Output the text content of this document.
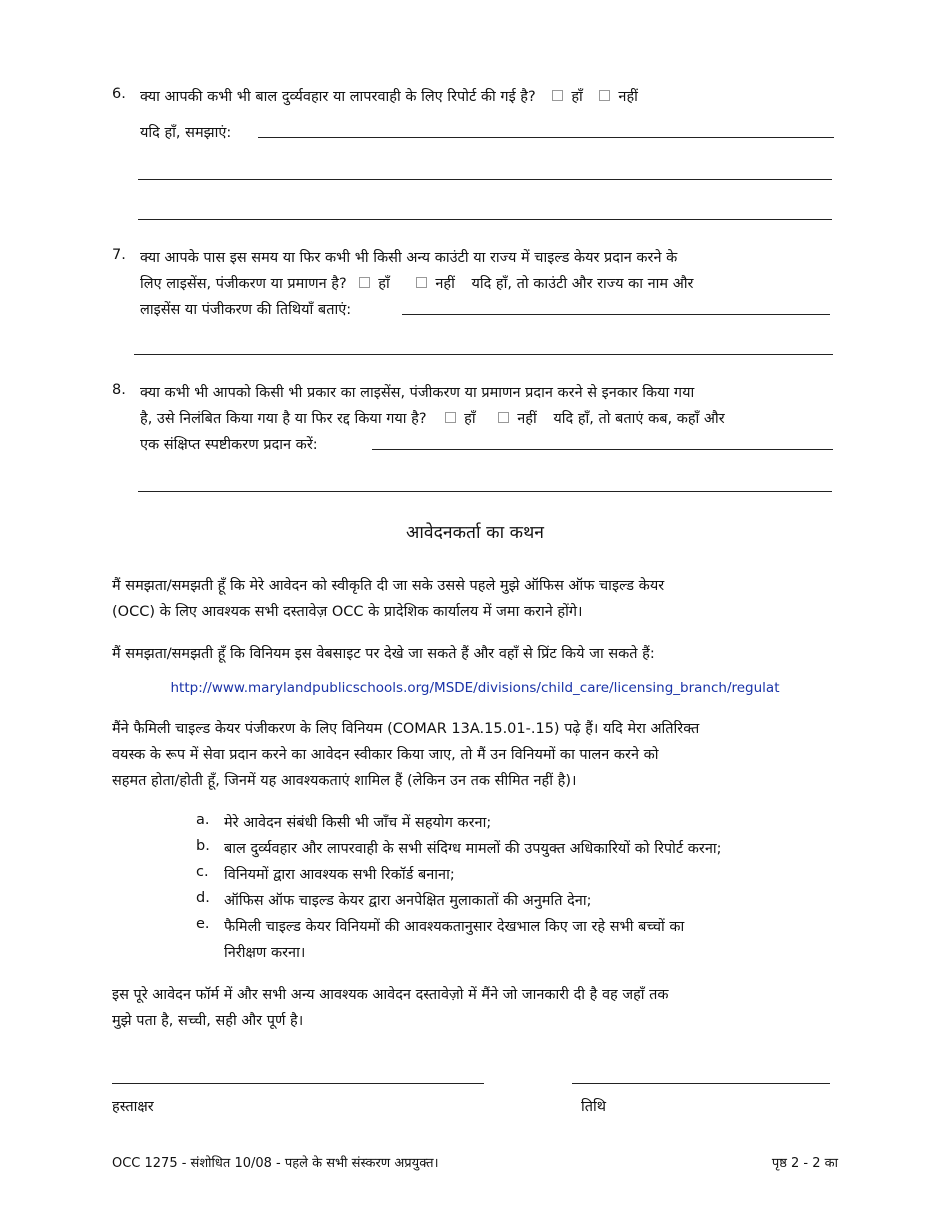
6. क्या आपकी कभी भी बाल दुर्व्यवहार या लापरवाही के लिए रिपोर्ट की गई है? हाँ नहीं
यदि हाँ, समझाएं:
7. क्या आपके पास इस समय या फिर कभी भी किसी अन्य काउंटी या राज्य में चाइल्ड केयर प्रदान करने के
लिए लाइसेंस, पंजीकरण या प्रमाणन है? हाँ	नहीं यदि हाँ, तो काउंटी और राज्य का नाम और
लाइसेंस या पंजीकरण की तिथियाँ बताएं:
8. क्या कभी भी आपको किसी भी प्रकार का लाइसेंस, पंजीकरण या प्रमाणन प्रदान करने से इनकार किया गया
है, उसे निलंबित किया गया है या फिर रद्द किया गया है?	हाँ	नहीं यदि हाँ, तो बताएं कब, कहाँ और
एक संक्षिप्त स्पष्टीकरण प्रदान करें:
आवेदनकर्ता का कथन
मैं समझता/समझती हूँ कि मेरे आवेदन को स्वीकृति दी जा सके उससे पहले मुझे ऑफिस ऑफ चाइल्ड केयर
(OCC) के लिए आवश्यक सभी दस्तावेज़ OCC के प्रादेशिक कार्यालय में जमा कराने होंगे।
मैं समझता/समझती हूँ कि विनियम इस वेबसाइट पर देखे जा सकते हैं और वहाँ से प्रिंट किये जा सकते हैं:
http://www.marylandpublicschools.org/MSDE/divisions/child_care/licensing_branch/regulat
मैंने फैमिली चाइल्ड केयर पंजीकरण के लिए विनियम (COMAR 13A.15.01-.15) पढ़े हैं। यदि मेरा अतिरिक्त
वयस्क के रूप में सेवा प्रदान करने का आवेदन स्वीकार किया जाए, तो मैं उन विनियमों का पालन करने को
सहमत होता/होती हूँ, जिनमें यह आवश्यकताएं शामिल हैं (लेकिन उन तक सीमित नहीं है)।
a. मेरे आवेदन संबंधी किसी भी जाँच में सहयोग करना;
b. बाल दुर्व्यवहार और लापरवाही के सभी संदिग्ध मामलों की उपयुक्त अधिकारियों को रिपोर्ट करना;
c. विनियमों द्वारा आवश्यक सभी रिकॉर्ड बनाना;
d. ऑफिस ऑफ चाइल्ड केयर द्वारा अनपेक्षित मुलाकातों की अनुमति देना;
e. फैमिली चाइल्ड केयर विनियमों की आवश्यकतानुसार देखभाल किए जा रहे सभी बच्चों का
निरीक्षण करना।
इस पूरे आवेदन फॉर्म में और सभी अन्य आवश्यक आवेदन दस्तावेज़ो में मैंने जो जानकारी दी है वह जहाँ तक
मुझे पता है, सच्ची, सही और पूर्ण है।
हस्ताक्षर	तिथि
OCC 1275 - संशोधित 10/08 - पहले के सभी संस्करण अप्रयुक्त।	पृष्ठ 2 - 2 का
